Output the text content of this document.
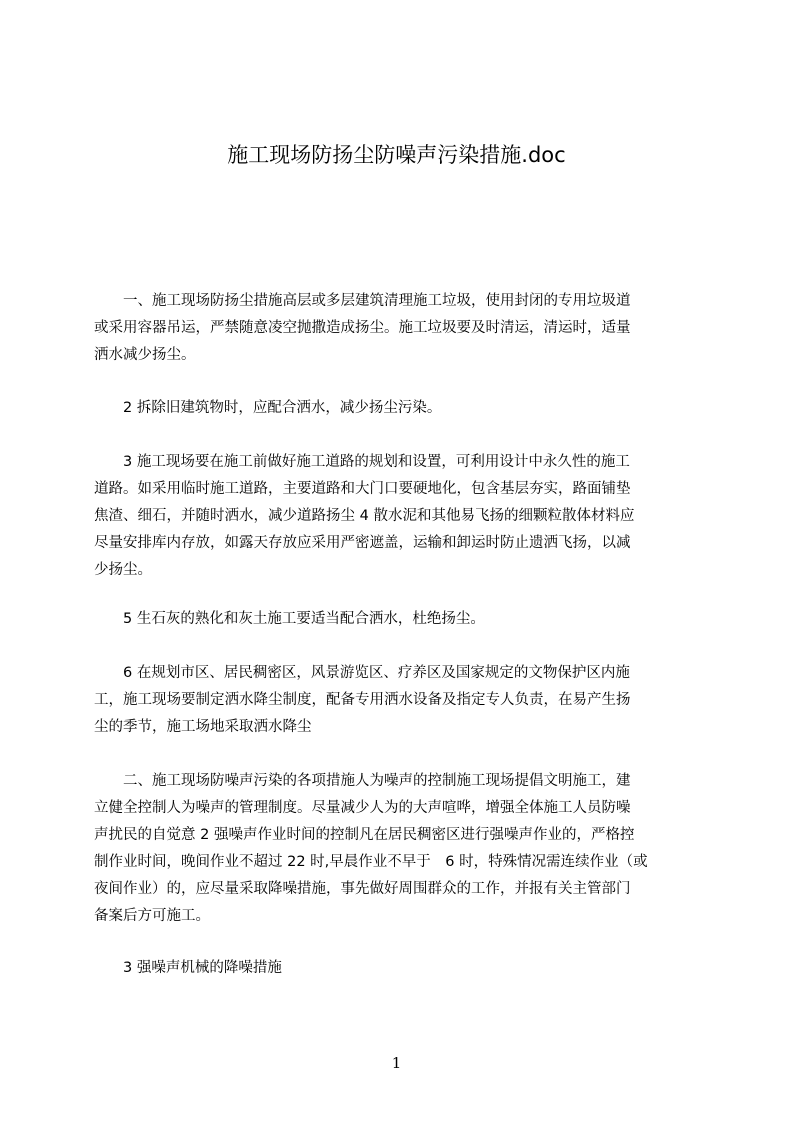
施工现场防扬尘防噪声污染措施.doc
　　一、施工现场防扬尘措施高层或多层建筑清理施工垃圾，使用封闭的专用垃圾道
或采用容器吊运，严禁随意凌空抛撒造成扬尘。施工垃圾要及时清运，清运时，适量
洒水减少扬尘。
　　2 拆除旧建筑物时，应配合洒水，减少扬尘污染。
　　3 施工现场要在施工前做好施工道路的规划和设置，可利用设计中永久性的施工
道路。如采用临时施工道路，主要道路和大门口要硬地化，包含基层夯实，路面铺垫
焦渣、细石，并随时洒水，减少道路扬尘 4 散水泥和其他易飞扬的细颗粒散体材料应
尽量安排库内存放，如露天存放应采用严密遮盖，运输和卸运时防止遗洒飞扬，以减
少扬尘。
　　5 生石灰的熟化和灰土施工要适当配合洒水，杜绝扬尘。
　　6 在规划市区、居民稠密区，风景游览区、疗养区及国家规定的文物保护区内施
工，施工现场要制定洒水降尘制度，配备专用洒水设备及指定专人负责，在易产生扬
尘的季节，施工场地采取洒水降尘
　　二、施工现场防噪声污染的各项措施人为噪声的控制施工现场提倡文明施工，建
立健全控制人为噪声的管理制度。尽量减少人为的大声喧哗，增强全体施工人员防噪
声扰民的自觉意 2 强噪声作业时间的控制凡在居民稠密区进行强噪声作业的，严格控
制作业时间，晚间作业不超过 22 时,早晨作业不早于　6 时，特殊情况需连续作业（或
夜间作业）的，应尽量采取降噪措施，事先做好周围群众的工作，并报有关主管部门
备案后方可施工。
　　3 强噪声机械的降噪措施
1
